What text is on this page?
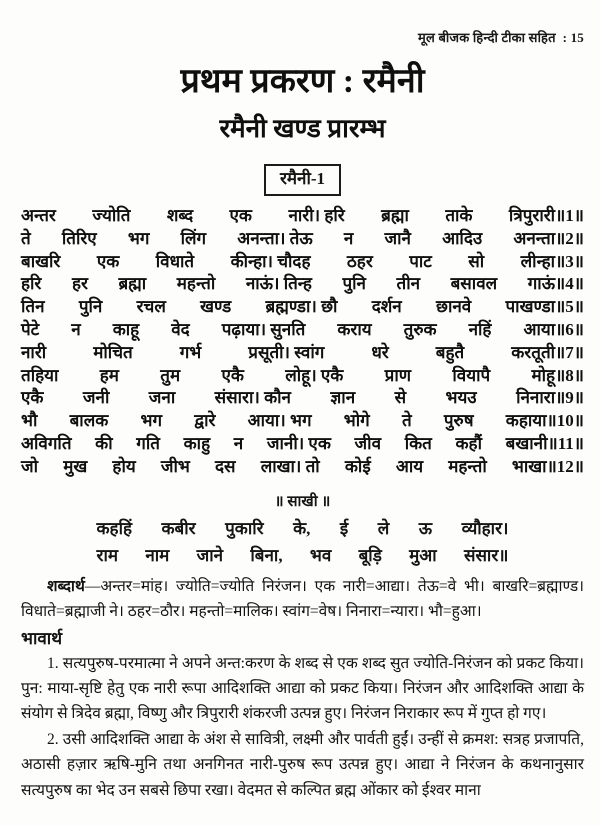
मूल बीजक हिन्दी टीका सहित : 15
प्रथम प्रकरण : रमैनी
रमैनी खण्ड प्रारम्भ
रमैनी-1
अन्तर ज्योति शब्द एक नारी। हरि ब्रह्मा ताके त्रिपुरारी॥1॥
ते तिरिए भग लिंग अनन्ता। तेऊ न जानै आदिउ अनन्ता॥2॥
बाखरि एक विधाते कीन्हा। चौदह ठहर पाट सो लीन्हा॥3॥
हरि हर ब्रह्मा महन्तो नाऊं। तिन्ह पुनि तीन बसावल गाऊं॥4॥
तिन पुनि रचल खण्ड ब्रह्मण्डा। छौ दर्शन छानवे पाखण्डा॥5॥
पेटे न काहू वेद पढ़ाया। सुनति कराय तुरुक नहिं आया॥6॥
नारी	मोचित	गर्भ	प्रसूती। स्वांग	धरे	बहुतै	करतूती॥7॥
तहिया हम तुम एकै लोहू। एकै प्राण वियापै मोहू॥8॥
एकै जनी जना संसारा। कौन ज्ञान से भयउ निनारा॥9॥
भौ बालक भग द्वारे आया। भग भोगे ते पुरुष कहाया॥10॥
अविगति की गति काहु न जानी। एक जीव कित कहौं बखानी॥11॥
जो मुख होय जीभ दस लाखा। तो कोई आय महन्तो भाखा॥12॥
॥ साखी ॥
कहहिं कबीर पुकारि के, ई ले ऊ व्यौहार।
राम नाम जाने बिना, भव बूड़ि मुआ संसार॥

शब्दार्थ—अन्तर=मांह। ज्योति=ज्योति निरंजन। एक नारी=आद्या। तेऊ=वे भी। बाखरि=ब्रह्माण्ड। विधाते=ब्रह्माजी ने। ठहर=ठौर। महन्तो=मालिक। स्वांग=वेष। निनारा=न्यारा। भौ=हुआ।

भावार्थ

1. सत्यपुरुष-परमात्मा ने अपने अन्त:करण के शब्द से एक शब्द सुत ज्योति-निरंजन को प्रकट किया। पुन: माया-सृष्टि हेतु एक नारी रूपा आदिशक्ति आद्या को प्रकट किया। निरंजन और आदिशक्ति आद्या के संयोग से त्रिदेव ब्रह्मा, विष्णु और त्रिपुरारी शंकरजी उत्पन्न हुए। निरंजन निराकार रूप में गुप्त हो गए।

2. उसी आदिशक्ति आद्या के अंश से सावित्री, लक्ष्मी और पार्वती हुईं। उन्हीं से क्रमश: सत्रह प्रजापति, अठासी हज़ार ऋषि-मुनि तथा अनगिनत नारी-पुरुष रूप उत्पन्न हुए। आद्या ने निरंजन के कथनानुसार सत्यपुरुष का भेद उन सबसे छिपा रखा। वेदमत से कल्पित ब्रह्म ओंकार को ईश्वर माना
